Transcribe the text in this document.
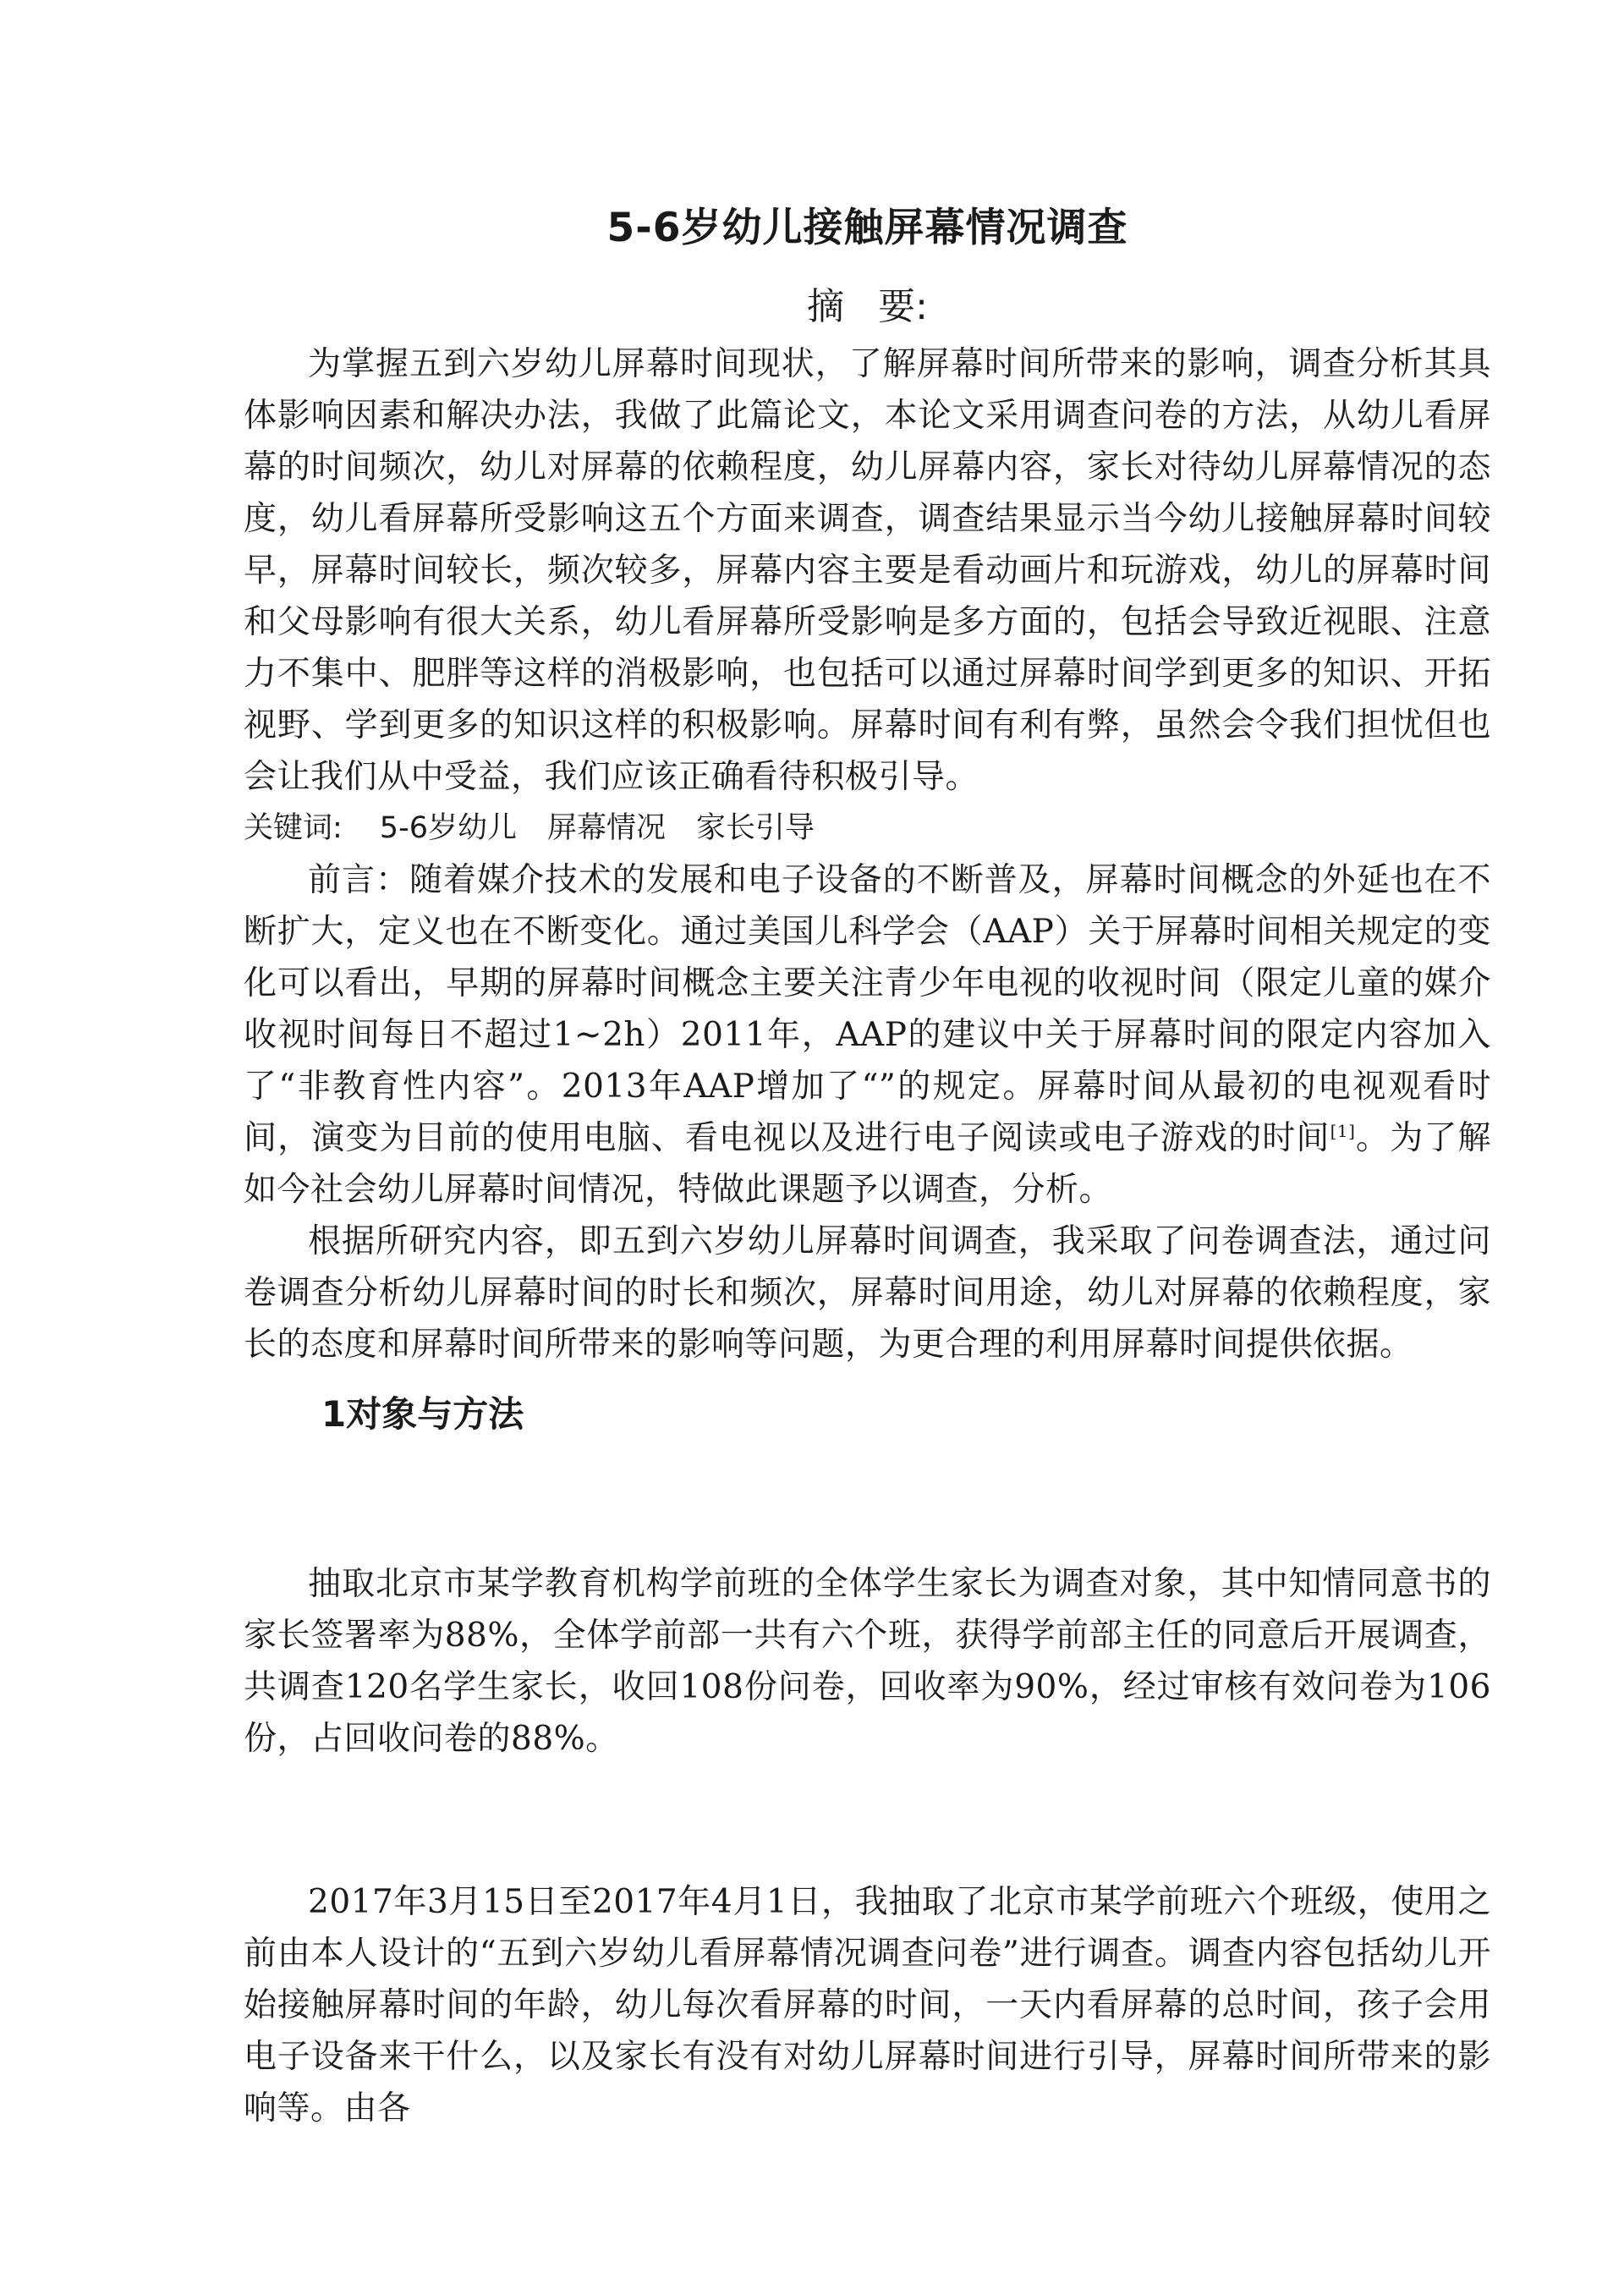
5-6岁幼儿接触屏幕情况调查
摘 要:

为掌握五到六岁幼儿屏幕时间现状，了解屏幕时间所带来的影响，调查分析其具体影响因素和解决办法，我做了此篇论文，本论文采用调查问卷的方法，从幼儿看屏幕的时间频次，幼儿对屏幕的依赖程度，幼儿屏幕内容，家长对待幼儿屏幕情况的态度，幼儿看屏幕所受影响这五个方面来调查，调查结果显示当今幼儿接触屏幕时间较早，屏幕时间较长，频次较多，屏幕内容主要是看动画片和玩游戏，幼儿的屏幕时间和父母影响有很大关系，幼儿看屏幕所受影响是多方面的，包括会导致近视眼、注意力不集中、肥胖等这样的消极影响，也包括可以通过屏幕时间学到更多的知识、开拓视野、学到更多的知识这样的积极影响。屏幕时间有利有弊，虽然会令我们担忧但也会让我们从中受益，我们应该正确看待积极引导。

关键词: 5-6岁幼儿 屏幕情况 家长引导

前言：随着媒介技术的发展和电子设备的不断普及，屏幕时间概念的外延也在不断扩大，定义也在不断变化。通过美国儿科学会（AAP）关于屏幕时间相关规定的变化可以看出，早期的屏幕时间概念主要关注青少年电视的收视时间（限定儿童的媒介收视时间每日不超过1~2h）2011年，AAP的建议中关于屏幕时间的限定内容加入了“非教育性内容”。2013年AAP增加了“”的规定。屏幕时间从最初的电视观看时间，演变为目前的使用电脑、看电视以及进行电子阅读或电子游戏的时间[1]。为了解如今社会幼儿屏幕时间情况，特做此课题予以调查，分析。

根据所研究内容，即五到六岁幼儿屏幕时间调查，我采取了问卷调查法，通过问卷调查分析幼儿屏幕时间的时长和频次，屏幕时间用途，幼儿对屏幕的依赖程度，家长的态度和屏幕时间所带来的影响等问题，为更合理的利用屏幕时间提供依据。

1对象与方法

抽取北京市某学教育机构学前班的全体学生家长为调查对象，其中知情同意书的家长签署率为88%，全体学前部一共有六个班，获得学前部主任的同意后开展调查，共调查120名学生家长，收回108份问卷，回收率为90%，经过审核有效问卷为106份，占回收问卷的88%。

2017年3月15日至2017年4月1日，我抽取了北京市某学前班六个班级，使用之前由本人设计的“五到六岁幼儿看屏幕情况调查问卷”进行调查。调查内容包括幼儿开始接触屏幕时间的年龄，幼儿每次看屏幕的时间，一天内看屏幕的总时间，孩子会用电子设备来干什么，以及家长有没有对幼儿屏幕时间进行引导，屏幕时间所带来的影响等。由各
